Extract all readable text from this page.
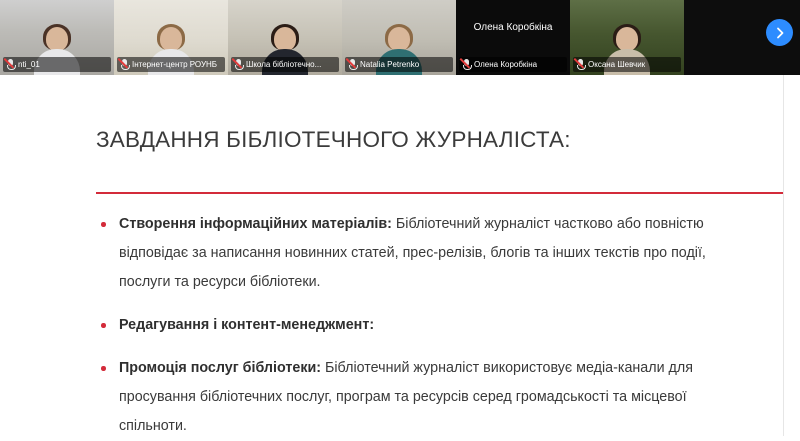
nti_01	Інтернет-центр РОУНБ	Школа бібліотечно...	Natalia Petrenko
Олена Коробкіна
Олена Коробкіна	Оксана Шевчик
ЗАВДАННЯ БІБЛІОТЕЧНОГО ЖУРНАЛІСТА:
Створення інформаційних матеріалів: Бібліотечний журналіст частково або повністю відповідає за написання новинних статей, прес-релізів, блогів та інших текстів про події, послуги та ресурси бібліотеки.
Редагування і контент-менеджмент:
Промоція послуг бібліотеки: Бібліотечний журналіст використовує медіа-канали для просування бібліотечних послуг, програм та ресурсів серед громадськості та місцевої спільноти.
